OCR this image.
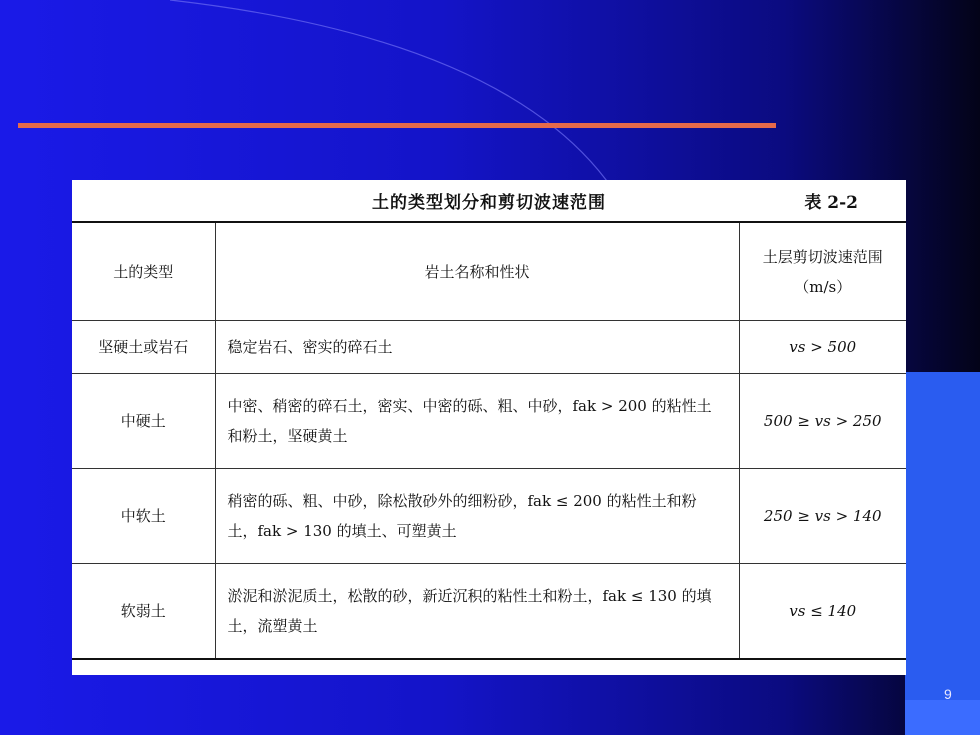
土的类型划分和剪切波速范围	表 2-2
土的类型	岩土名称和性状	土层剪切波速范围（m/s）
坚硬土或岩石	稳定岩石、密实的碎石土	vs > 500
中硬土	中密、稍密的碎石土，密实、中密的砾、粗、中砂，fak > 200 的粘性土和粉土，坚硬黄土	500 ≥ vs > 250
中软土	稍密的砾、粗、中砂，除松散砂外的细粉砂，fak ≤ 200 的粘性土和粉土，fak > 130 的填土、可塑黄土	250 ≥ vs > 140
软弱土	淤泥和淤泥质土，松散的砂，新近沉积的粘性土和粉土，fak ≤ 130 的填土，流塑黄土	vs ≤ 140
9
